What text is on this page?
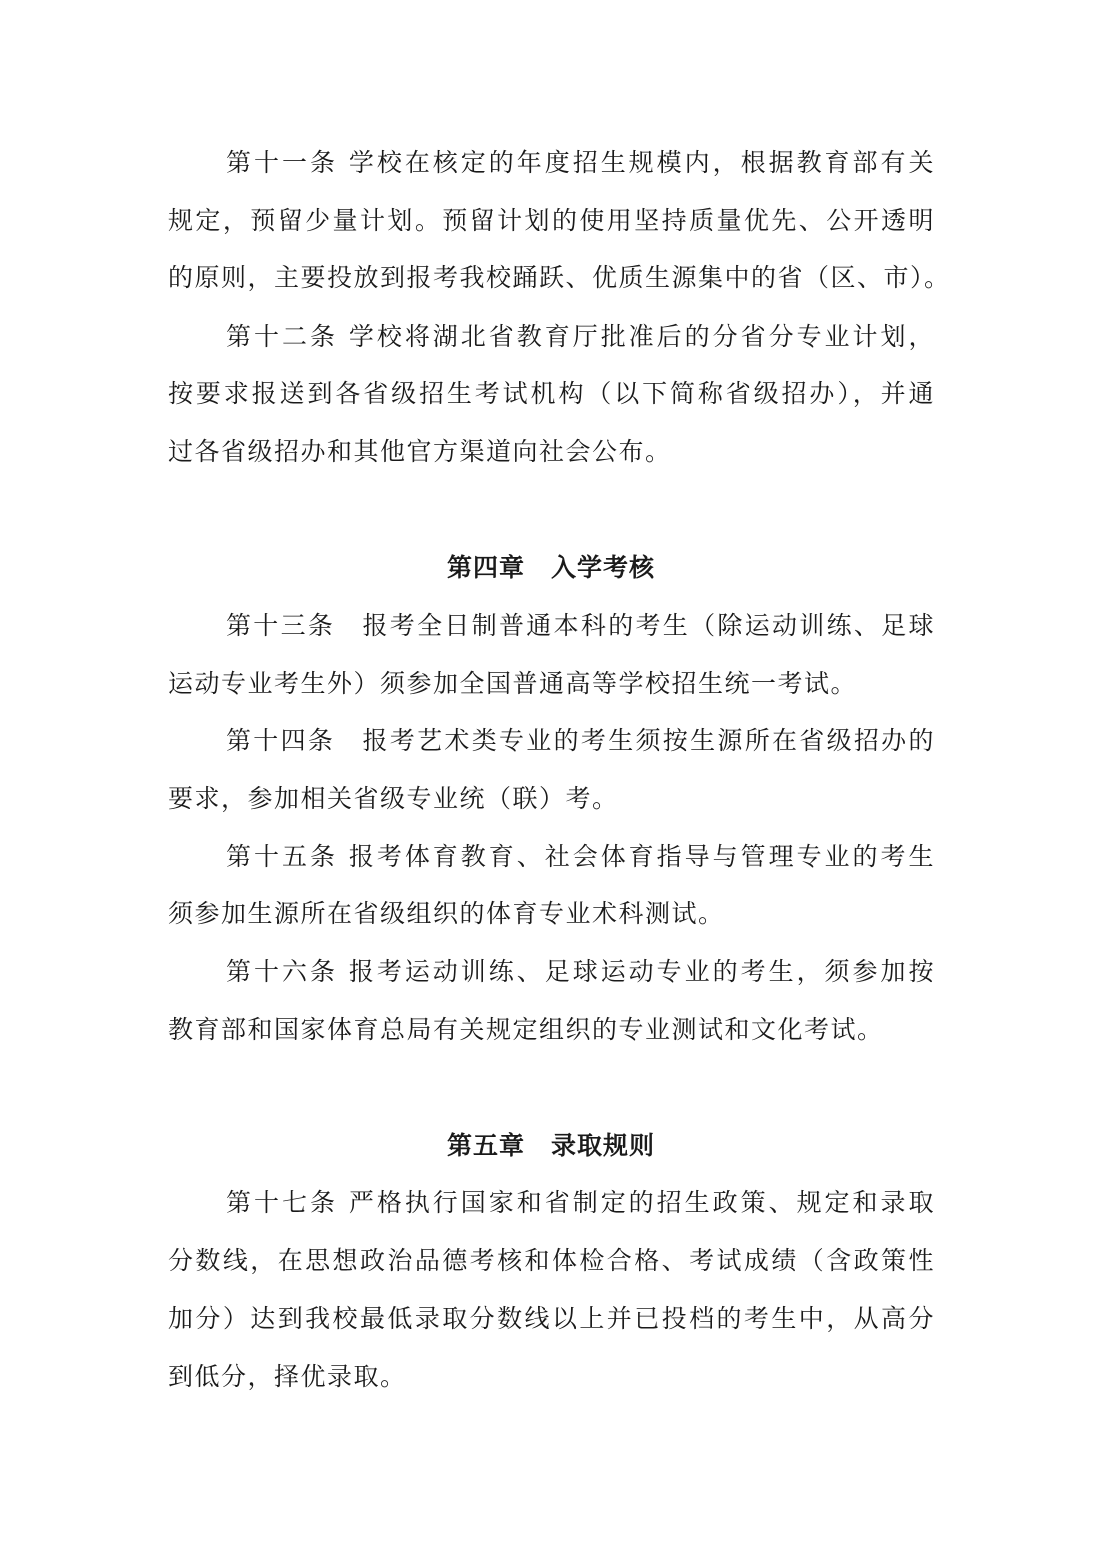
第十一条 学校在核定的年度招生规模内，根据教育部有关
规定，预留少量计划。预留计划的使用坚持质量优先、公开透明
的原则，主要投放到报考我校踊跃、优质生源集中的省（区、市）。
第十二条 学校将湖北省教育厅批准后的分省分专业计划，
按要求报送到各省级招生考试机构（以下简称省级招办），并通
过各省级招办和其他官方渠道向社会公布。
第四章　入学考核
第十三条　报考全日制普通本科的考生（除运动训练、足球
运动专业考生外）须参加全国普通高等学校招生统一考试。
第十四条　报考艺术类专业的考生须按生源所在省级招办的
要求，参加相关省级专业统（联）考。
第十五条 报考体育教育、社会体育指导与管理专业的考生
须参加生源所在省级组织的体育专业术科测试。
第十六条 报考运动训练、足球运动专业的考生，须参加按
教育部和国家体育总局有关规定组织的专业测试和文化考试。
第五章　录取规则
第十七条 严格执行国家和省制定的招生政策、规定和录取
分数线，在思想政治品德考核和体检合格、考试成绩（含政策性
加分）达到我校最低录取分数线以上并已投档的考生中，从高分
到低分，择优录取。
